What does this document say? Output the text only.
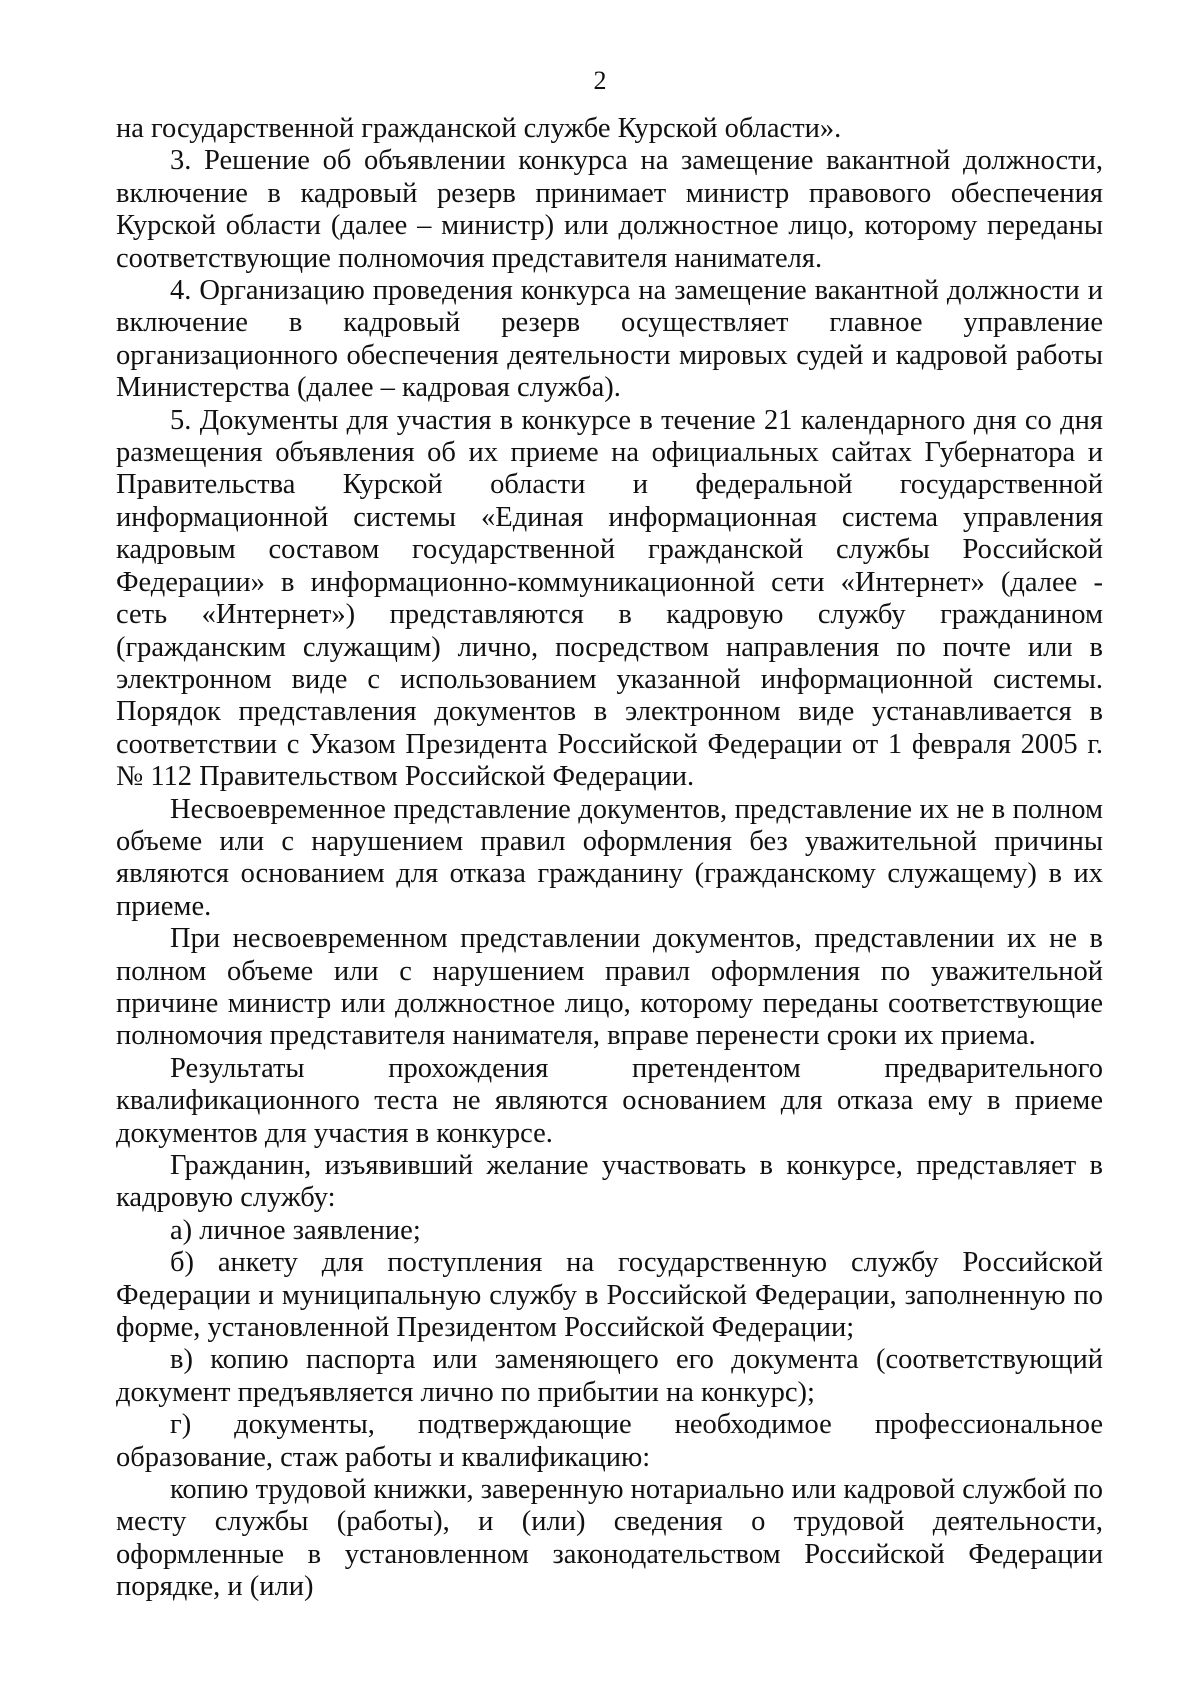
2

на государственной гражданской службе Курской области».

3. Решение об объявлении конкурса на замещение вакантной должности, включение в кадровый резерв принимает министр правового обеспечения Курской области (далее – министр) или должностное лицо, которому переданы соответствующие полномочия представителя нанимателя.

4. Организацию проведения конкурса на замещение вакантной должности и включение в кадровый резерв осуществляет главное управление организационного обеспечения деятельности мировых судей и кадровой работы Министерства (далее – кадровая служба).

5. Документы для участия в конкурсе в течение 21 календарного дня со дня размещения объявления об их приеме на официальных сайтах Губернатора и Правительства Курской области и федеральной государственной информационной системы «Единая информационная система управления кадровым составом государственной гражданской службы Российской Федерации» в информационно-коммуникационной сети «Интернет» (далее - сеть «Интернет») представляются в кадровую службу гражданином (гражданским служащим) лично, посредством направления по почте или в электронном виде с использованием указанной информационной системы. Порядок представления документов в электронном виде устанавливается в соответствии с Указом Президента Российской Федерации от 1 февраля 2005 г. № 112 Правительством Российской Федерации.

Несвоевременное представление документов, представление их не в полном объеме или с нарушением правил оформления без уважительной причины являются основанием для отказа гражданину (гражданскому служащему) в их приеме.

При несвоевременном представлении документов, представлении их не в полном объеме или с нарушением правил оформления по уважительной причине министр или должностное лицо, которому переданы соответствующие полномочия представителя нанимателя, вправе перенести сроки их приема.

Результаты прохождения претендентом предварительного квалификационного теста не являются основанием для отказа ему в приеме документов для участия в конкурсе.

Гражданин, изъявивший желание участвовать в конкурсе, представляет в кадровую службу:

а) личное заявление;

б) анкету для поступления на государственную службу Российской Федерации и муниципальную службу в Российской Федерации, заполненную по форме, установленной Президентом Российской Федерации;

в) копию паспорта или заменяющего его документа (соответствующий документ предъявляется лично по прибытии на конкурс);

г) документы, подтверждающие необходимое профессиональное образование, стаж работы и квалификацию:

копию трудовой книжки, заверенную нотариально или кадровой службой по месту службы (работы), и (или) сведения о трудовой деятельности, оформленные в установленном законодательством Российской Федерации порядке, и (или)
